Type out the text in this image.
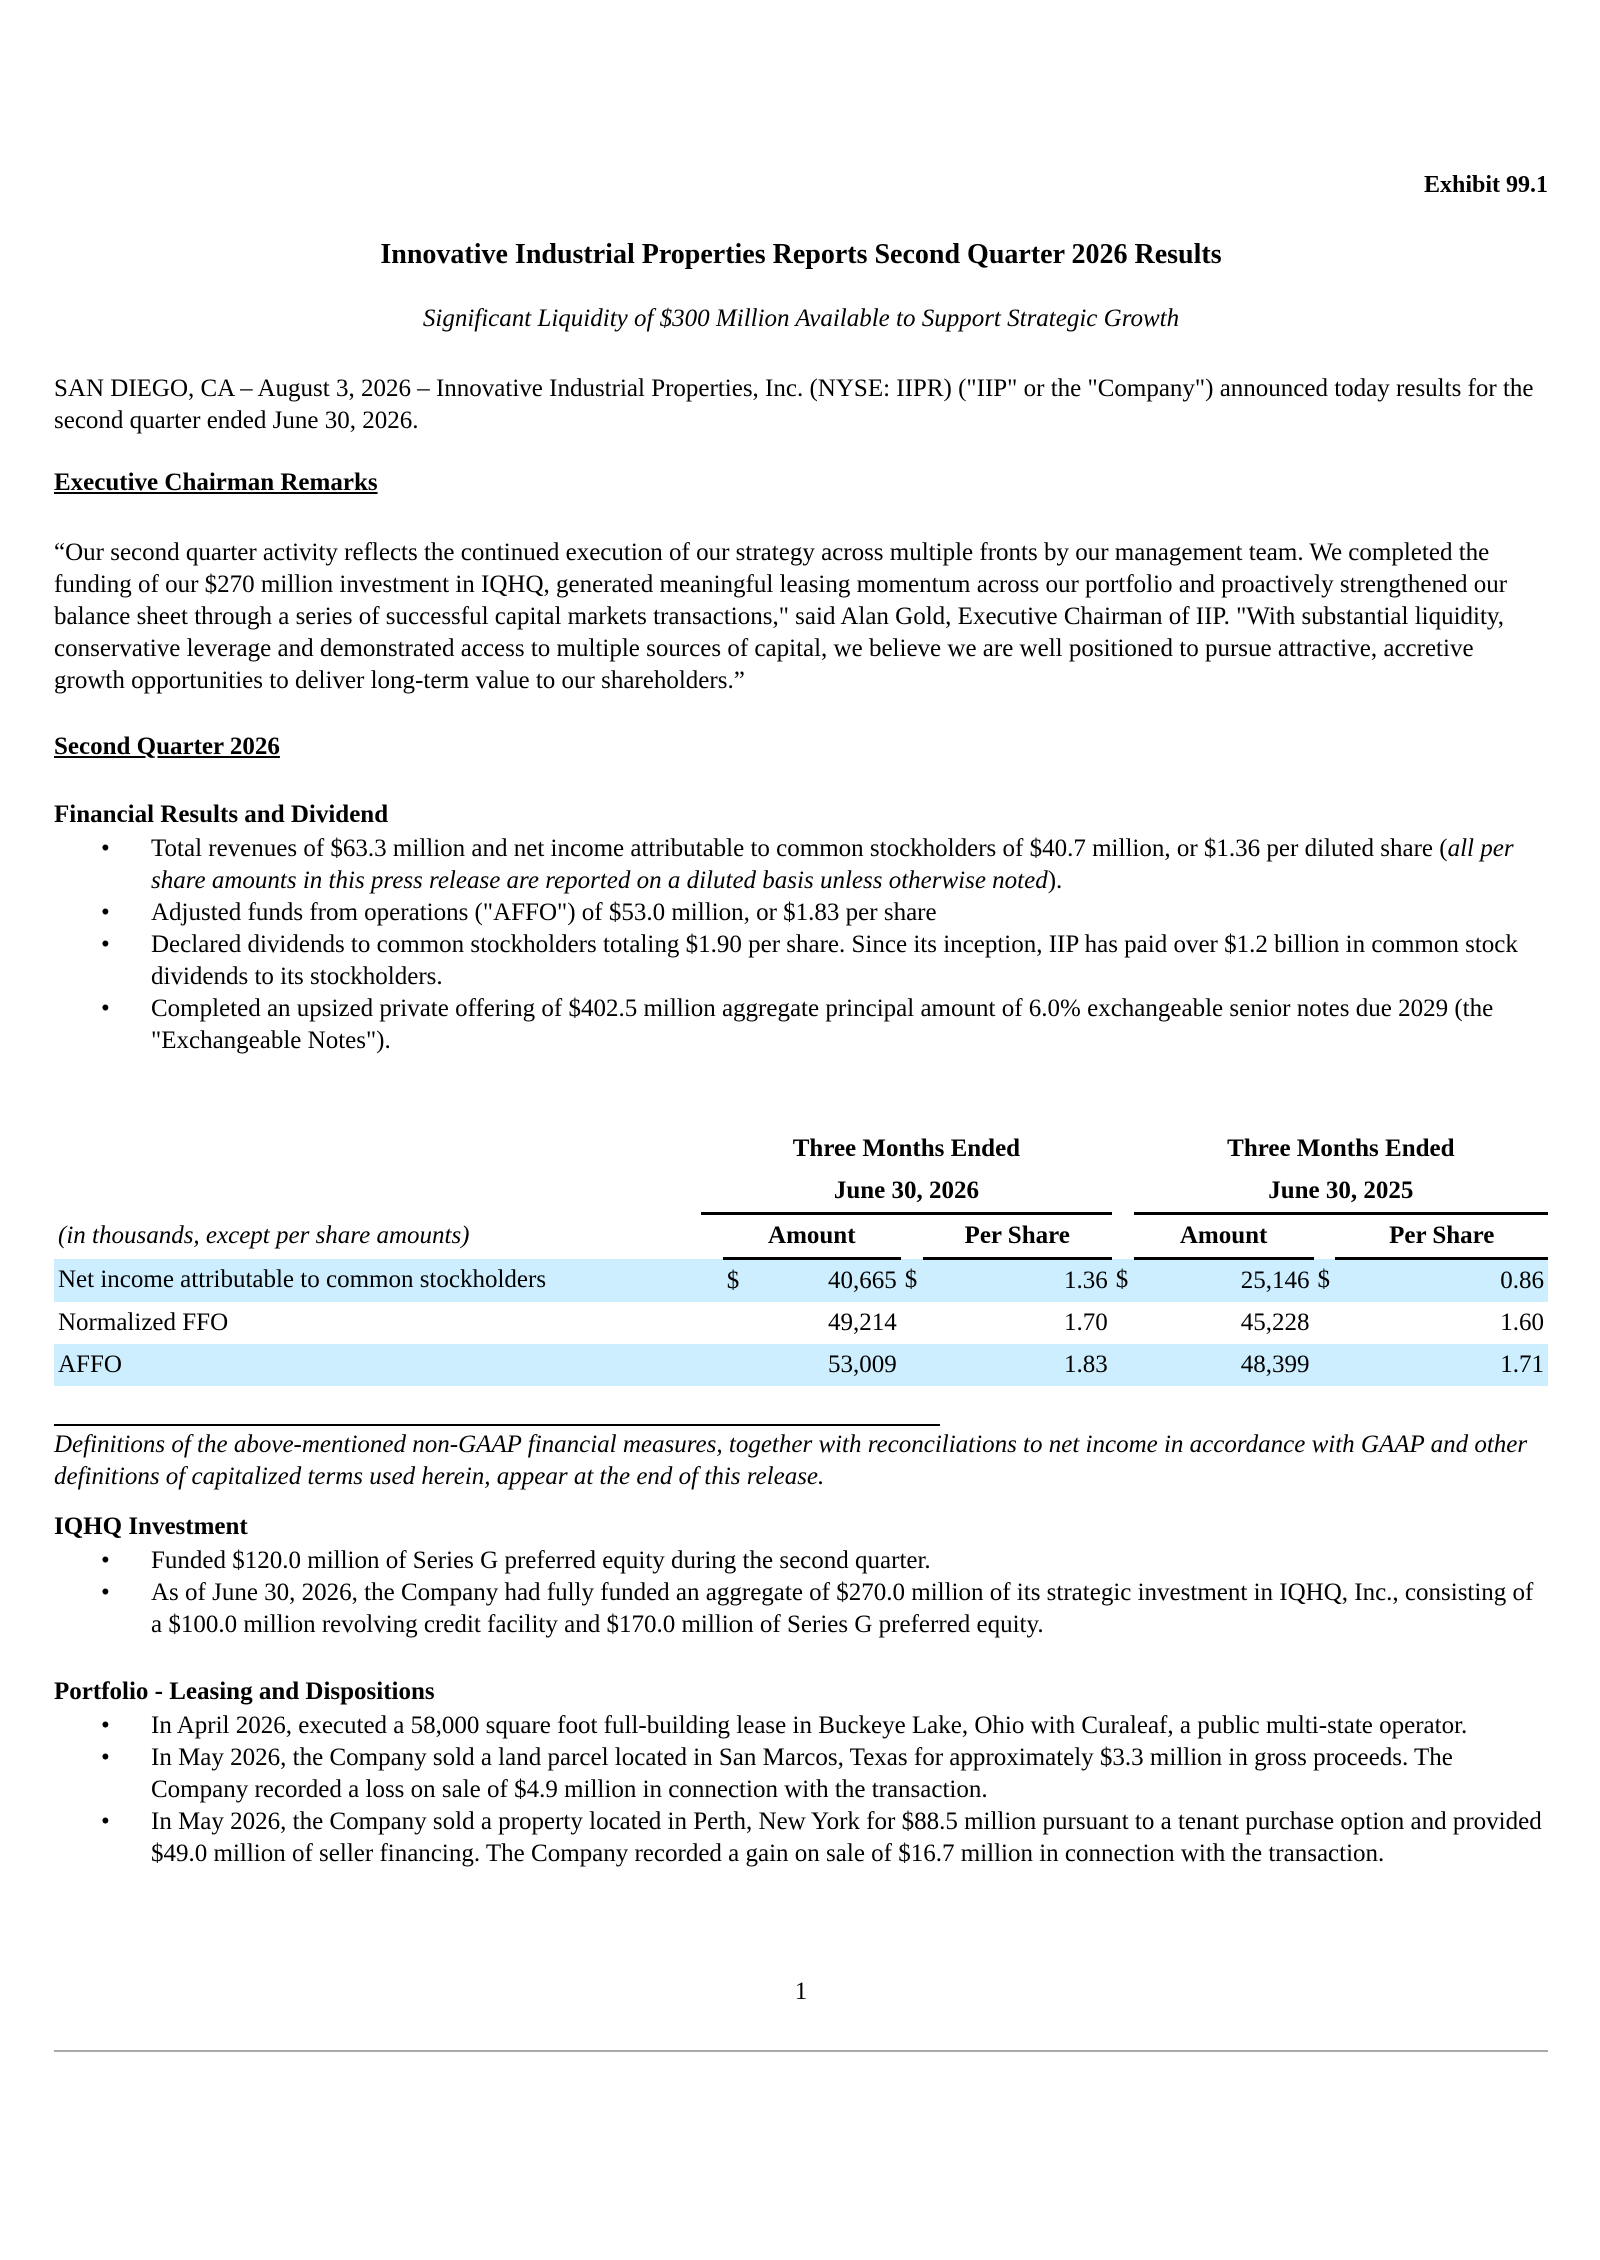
Exhibit 99.1
Innovative Industrial Properties Reports Second Quarter 2026 Results
Significant Liquidity of $300 Million Available to Support Strategic Growth
SAN DIEGO, CA – August 3, 2026 – Innovative Industrial Properties, Inc. (NYSE: IIPR) ("IIP" or the "Company") announced today results for the second quarter ended June 30, 2026.
Executive Chairman Remarks
“Our second quarter activity reflects the continued execution of our strategy across multiple fronts by our management team. We completed the funding of our $270 million investment in IQHQ, generated meaningful leasing momentum across our portfolio and proactively strengthened our balance sheet through a series of successful capital markets transactions," said Alan Gold, Executive Chairman of IIP. "With substantial liquidity, conservative leverage and demonstrated access to multiple sources of capital, we believe we are well positioned to pursue attractive, accretive growth opportunities to deliver long-term value to our shareholders.”
Second Quarter 2026
Financial Results and Dividend
• Total revenues of $63.3 million and net income attributable to common stockholders of $40.7 million, or $1.36 per diluted share (all per share amounts in this press release are reported on a diluted basis unless otherwise noted).
• Adjusted funds from operations ("AFFO") of $53.0 million, or $1.83 per share
• Declared dividends to common stockholders totaling $1.90 per share. Since its inception, IIP has paid over $1.2 billion in common stock dividends to its stockholders.
• Completed an upsized private offering of $402.5 million aggregate principal amount of 6.0% exchangeable senior notes due 2029 (the "Exchangeable Notes").
	Three Months Ended							Three Months Ended				
	June 30, 2026							June 30, 2025				
(in thousands, except per share amounts)		Amount			Per Share			Amount			Per Share	
Net income attributable to common stockholders		$	40,665	$		1.36	$		25,146	$		0.86
Normalized FFO			49,214			1.70			45,228			1.60
AFFO			53,009			1.83			48,399			1.71
Definitions of the above-mentioned non-GAAP financial measures, together with reconciliations to net income in accordance with GAAP and other definitions of capitalized terms used herein, appear at the end of this release.
IQHQ Investment
• Funded $120.0 million of Series G preferred equity during the second quarter.
• As of June 30, 2026, the Company had fully funded an aggregate of $270.0 million of its strategic investment in IQHQ, Inc., consisting of a $100.0 million revolving credit facility and $170.0 million of Series G preferred equity.
Portfolio - Leasing and Dispositions
• In April 2026, executed a 58,000 square foot full-building lease in Buckeye Lake, Ohio with Curaleaf, a public multi-state operator.
• In May 2026, the Company sold a land parcel located in San Marcos, Texas for approximately $3.3 million in gross proceeds. The Company recorded a loss on sale of $4.9 million in connection with the transaction.
• In May 2026, the Company sold a property located in Perth, New York for $88.5 million pursuant to a tenant purchase option and provided $49.0 million of seller financing. The Company recorded a gain on sale of $16.7 million in connection with the transaction.
1
